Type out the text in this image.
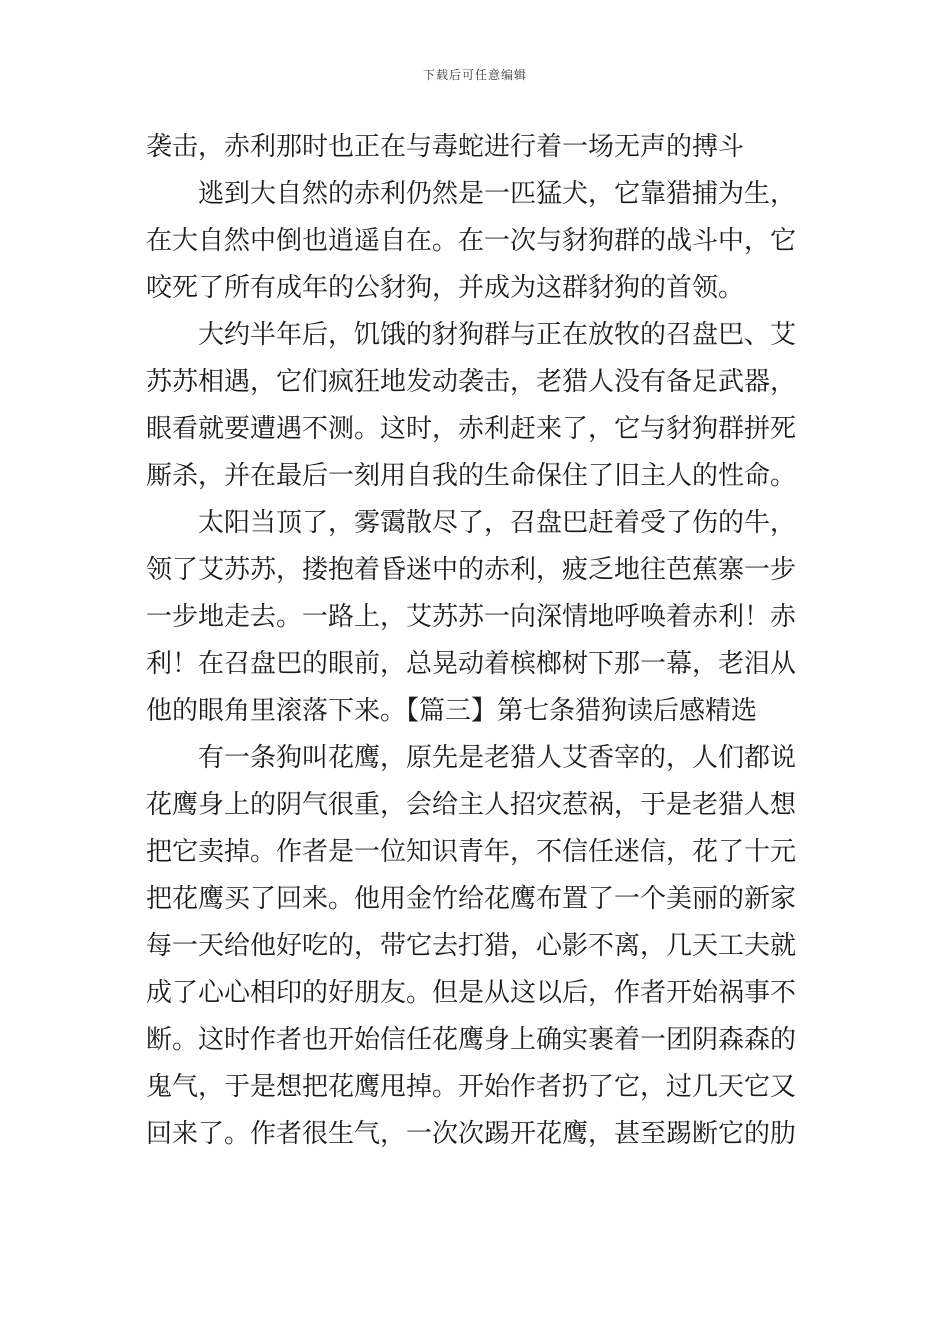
下载后可任意编辑
袭击，赤利那时也正在与毒蛇进行着一场无声的搏斗
逃到大自然的赤利仍然是一匹猛犬，它靠猎捕为生，
在大自然中倒也逍遥自在。在一次与豺狗群的战斗中，它
咬死了所有成年的公豺狗，并成为这群豺狗的首领。
大约半年后，饥饿的豺狗群与正在放牧的召盘巴、艾
苏苏相遇，它们疯狂地发动袭击，老猎人没有备足武器，
眼看就要遭遇不测。这时，赤利赶来了，它与豺狗群拼死
厮杀，并在最后一刻用自我的生命保住了旧主人的性命。
太阳当顶了，雾霭散尽了，召盘巴赶着受了伤的牛，
领了艾苏苏，搂抱着昏迷中的赤利，疲乏地往芭蕉寨一步
一步地走去。一路上，艾苏苏一向深情地呼唤着赤利！赤
利！在召盘巴的眼前，总晃动着槟榔树下那一幕，老泪从
他的眼角里滚落下来。【篇三】第七条猎狗读后感精选
有一条狗叫花鹰，原先是老猎人艾香宰的，人们都说
花鹰身上的阴气很重，会给主人招灾惹祸，于是老猎人想
把它卖掉。作者是一位知识青年，不信任迷信，花了十元
把花鹰买了回来。他用金竹给花鹰布置了一个美丽的新家
每一天给他好吃的，带它去打猎，心影不离，几天工夫就
成了心心相印的好朋友。但是从这以后，作者开始祸事不
断。这时作者也开始信任花鹰身上确实裹着一团阴森森的
鬼气，于是想把花鹰甩掉。开始作者扔了它，过几天它又
回来了。作者很生气，一次次踢开花鹰，甚至踢断它的肋
